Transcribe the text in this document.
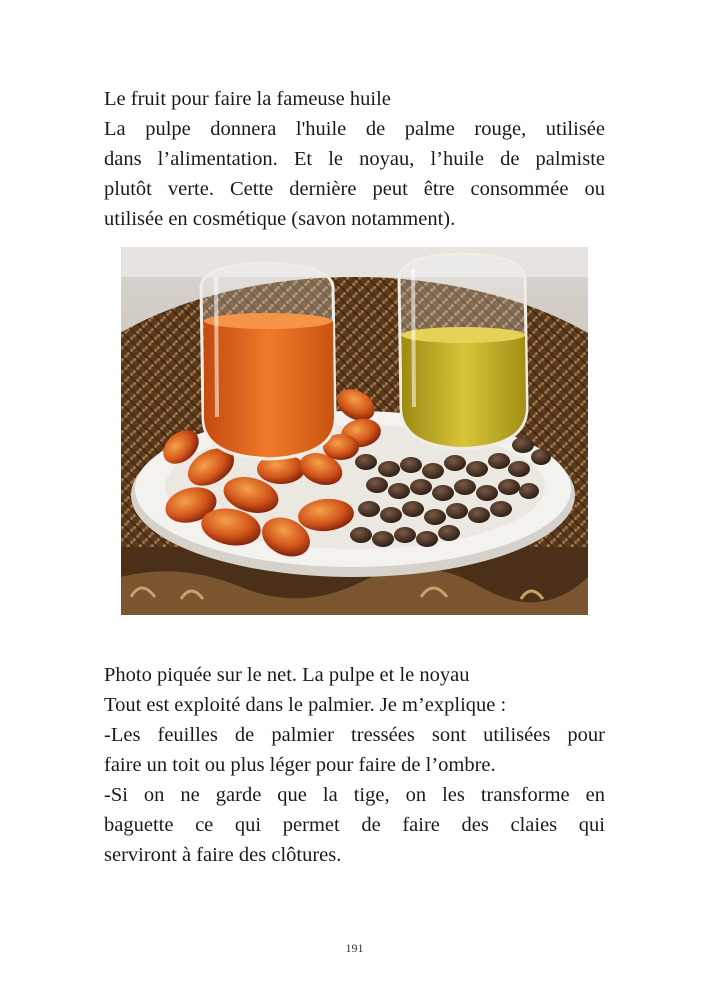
Le fruit pour faire la fameuse huile
La pulpe donnera l'huile de palme rouge, utilisée
dans l’alimentation. Et le noyau, l’huile de palmiste
plutôt verte. Cette dernière peut être consommée ou
utilisée en cosmétique (savon notamment).
Photo piquée sur le net. La pulpe et le noyau
Tout est exploité dans le palmier. Je m’explique :
-Les feuilles de palmier tressées sont utilisées pour
faire un toit ou plus léger pour faire de l’ombre.
-Si on ne garde que la tige, on les transforme en
baguette ce qui permet de faire des claies qui
serviront à faire des clôtures.
191
